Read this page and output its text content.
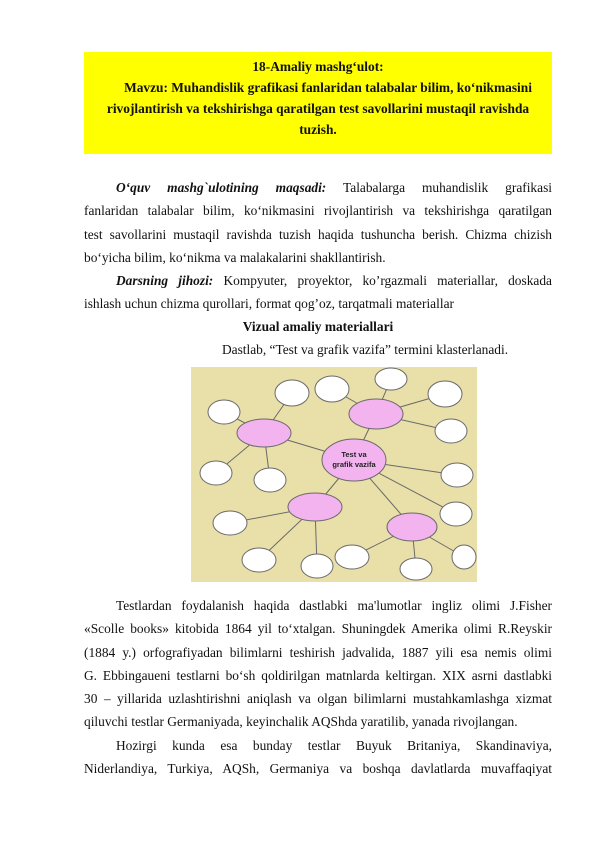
18-Amaliy mashg‘ulot:
Mavzu: Muhandislik grafikasi fanlaridan talabalar bilim, ko‘nikmasini
rivojlantirish va tekshirishga qaratilgan test savollarini mustaqil ravishda
tuzish.
O‘quv mashg`ulotining maqsadi: Talabalarga muhandislik grafikasi
fanlaridan talabalar bilim, ko‘nikmasini rivojlantirish va tekshirishga qaratilgan
test savollarini mustaqil ravishda tuzish haqida tushuncha berish. Chizma chizish
bo‘yicha bilim, ko‘nikma va malakalarini shakllantirish.
Darsning jihozi: Kompyuter, proyektor, ko’rgazmali materiallar, doskada
ishlash uchun chizma qurollari, format qog’oz, tarqatmali materiallar
Vizual amaliy materiallari
Dastlab, “Test va grafik vazifa” termini klasterlanadi.
Test va
grafik vazifa
Testlardan foydalanish haqida dastlabki ma'lumotlar ingliz olimi J.Fisher
«Scolle books» kitobida 1864 yil to‘xtalgan. Shuningdek Amerika olimi R.Reyskir
(1884 y.) orfografiyadan bilimlarni teshirish jadvalida, 1887 yili esa nemis olimi
G. Ebbingaueni testlarni bo‘sh qoldirilgan matnlarda keltirgan. XIX asrni dastlabki
30 – yillarida uzlashtirishni aniqlash va olgan bilimlarni mustahkamlashga xizmat
qiluvchi testlar Germaniyada, keyinchalik AQShda yaratilib, yanada rivojlangan.
Hozirgi kunda esa bunday testlar Buyuk Britaniya, Skandinaviya,
Niderlandiya, Turkiya, AQSh, Germaniya va boshqa davlatlarda muvaffaqiyat
